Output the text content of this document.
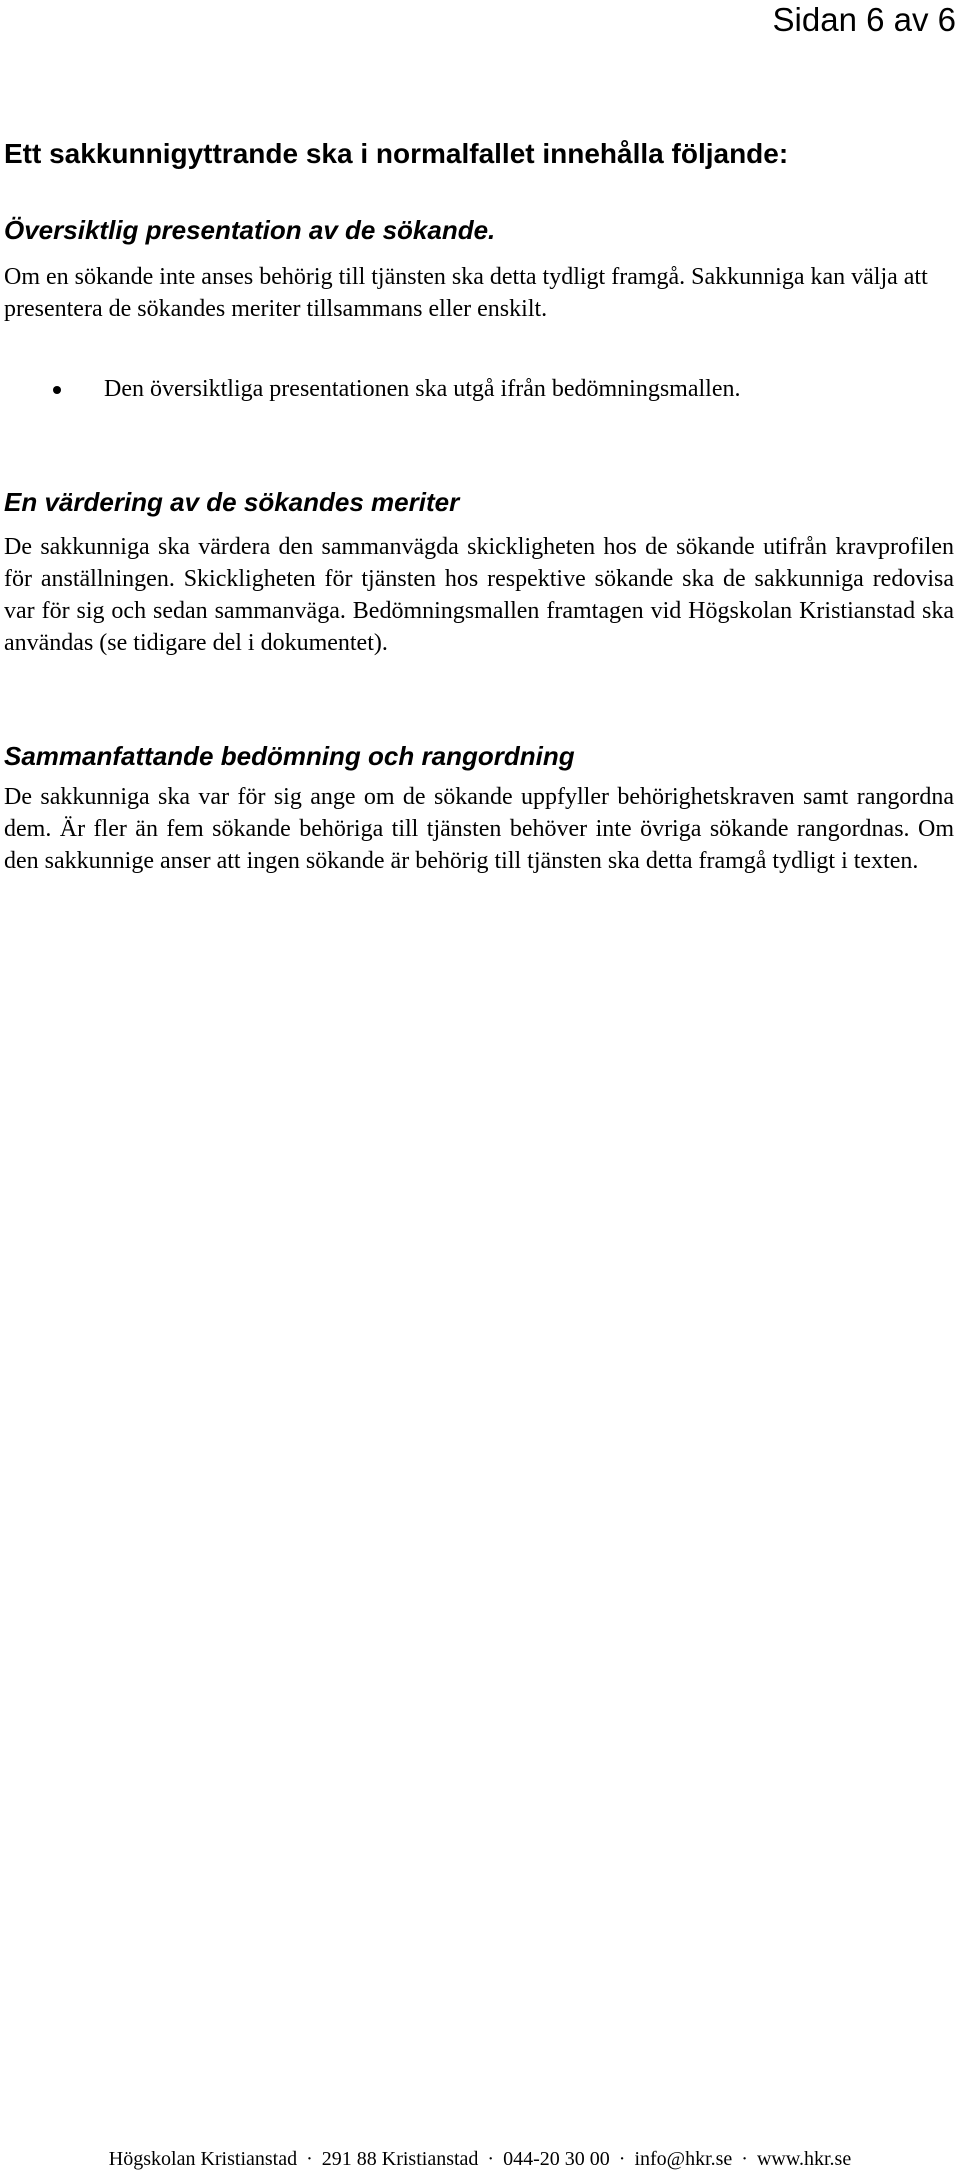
Sidan 6 av 6
Ett sakkunnigyttrande ska i normalfallet innehålla följande:
Översiktlig presentation av de sökande.

Om en sökande inte anses behörig till tjänsten ska detta tydligt framgå. Sakkunniga kan välja att presentera de sökandes meriter tillsammans eller enskilt.

Den översiktliga presentationen ska utgå ifrån bedömningsmallen.
En värdering av de sökandes meriter

De sakkunniga ska värdera den sammanvägda skickligheten hos de sökande utifrån kravprofilen för anställningen. Skickligheten för tjänsten hos respektive sökande ska de sakkunniga redovisa var för sig och sedan sammanväga. Bedömningsmallen framtagen vid Högskolan Kristianstad ska användas (se tidigare del i dokumentet).

Sammanfattande bedömning och rangordning

De sakkunniga ska var för sig ange om de sökande uppfyller behörighetskraven samt rangordna dem. Är fler än fem sökande behöriga till tjänsten behöver inte övriga sökande rangordnas. Om den sakkunnige anser att ingen sökande är behörig till tjänsten ska detta framgå tydligt i texten.

Högskolan Kristianstad · 291 88 Kristianstad · 044-20 30 00 · info@hkr.se · www.hkr.se
